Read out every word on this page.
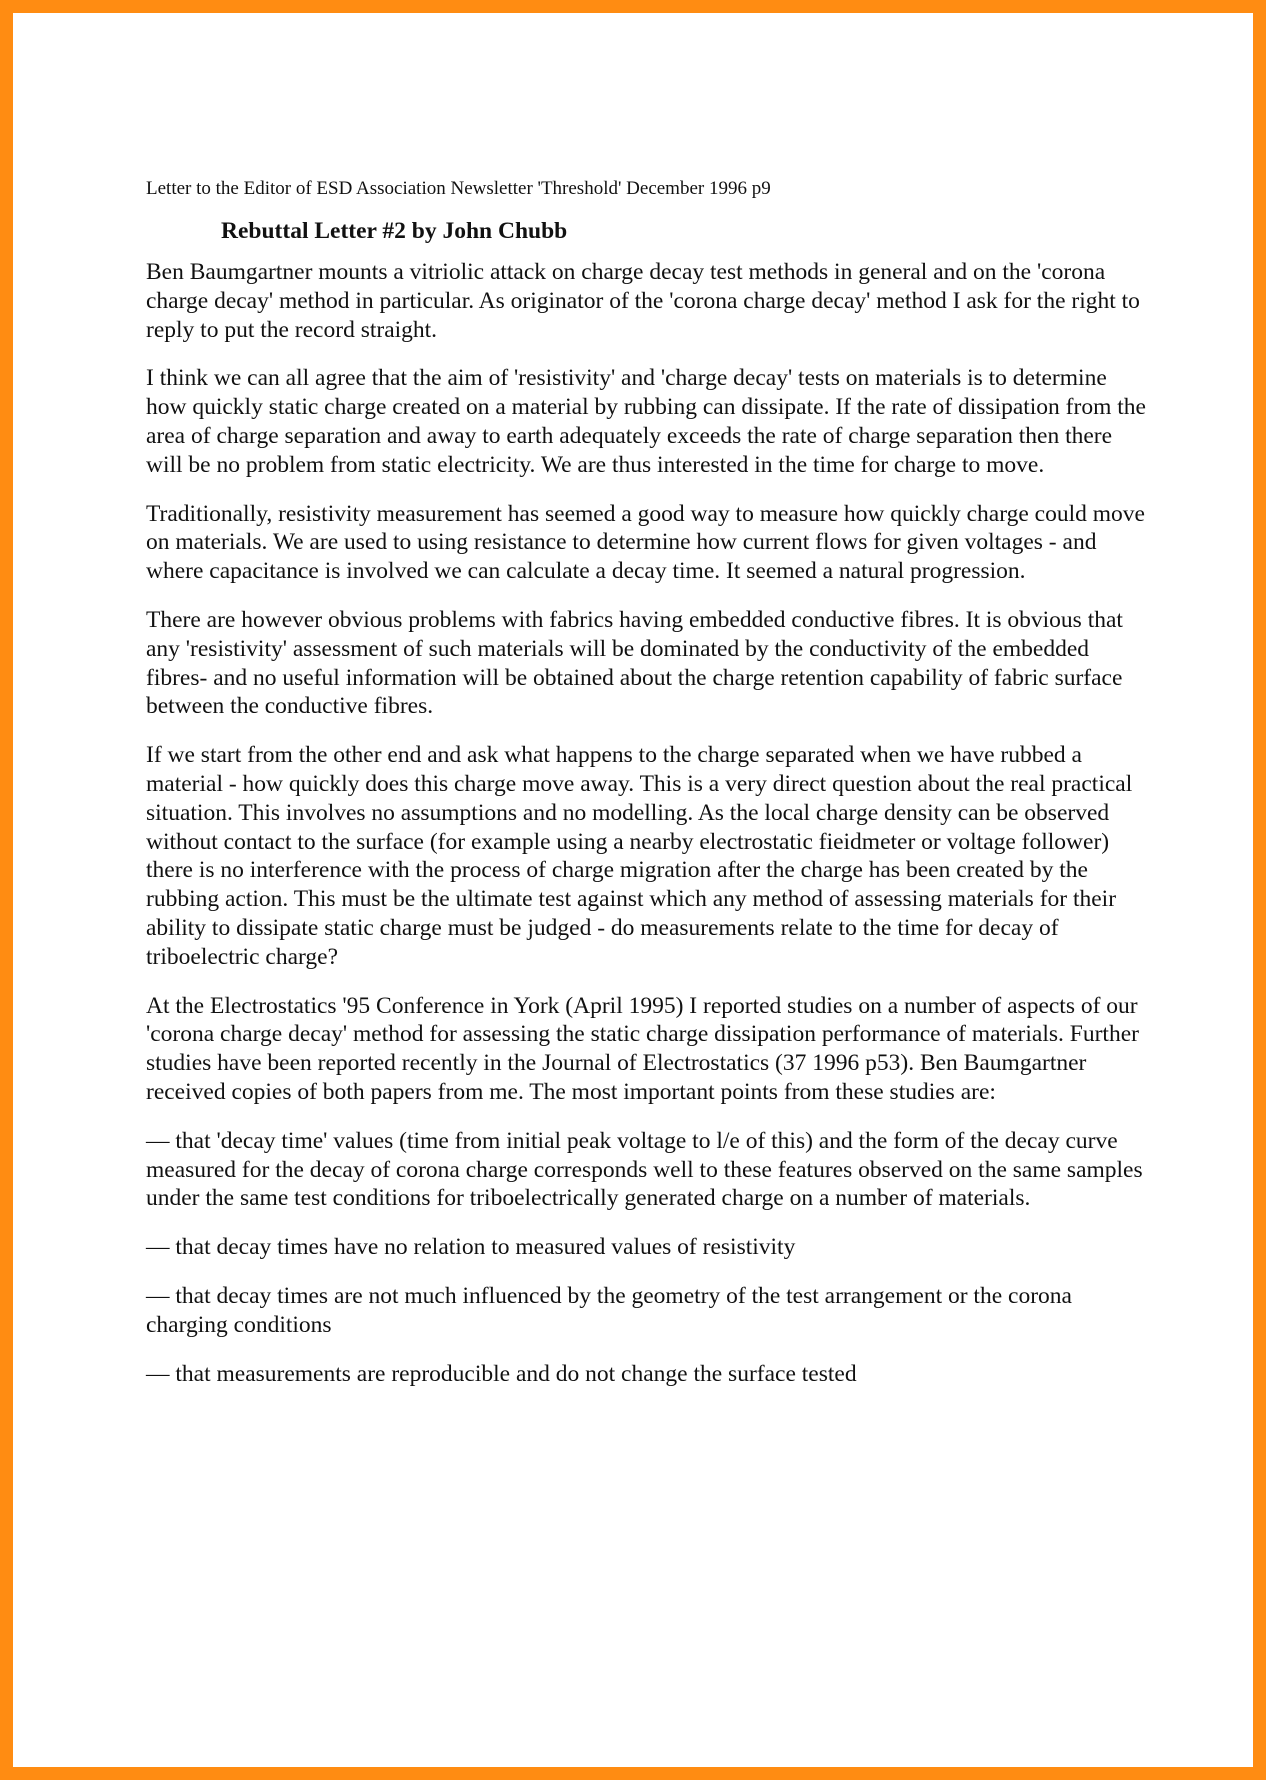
Letter to the Editor of ESD Association Newsletter 'Threshold' December 1996 p9

Rebuttal Letter #2 by John Chubb

Ben Baumgartner mounts a vitriolic attack on charge decay test methods in general and on the 'corona charge decay' method in particular. As originator of the 'corona charge decay' method I ask for the right to reply to put the record straight.

I think we can all agree that the aim of 'resistivity' and 'charge decay' tests on materials is to determine how quickly static charge created on a material by rubbing can dissipate. If the rate of dissipation from the area of charge separation and away to earth adequately exceeds the rate of charge separation then there will be no problem from static electricity. We are thus interested in the time for charge to move.

Traditionally, resistivity measurement has seemed a good way to measure how quickly charge could move on materials. We are used to using resistance to determine how current flows for given voltages - and where capacitance is involved we can calculate a decay time. It seemed a natural progression.

There are however obvious problems with fabrics having embedded conductive fibres. It is obvious that any 'resistivity' assessment of such materials will be dominated by the conductivity of the embedded fibres- and no useful information will be obtained about the charge retention capability of fabric surface between the conductive fibres.

If we start from the other end and ask what happens to the charge separated when we have rubbed a material - how quickly does this charge move away. This is a very direct question about the real practical situation. This involves no assumptions and no modelling. As the local charge density can be observed without contact to the surface (for example using a nearby electrostatic fieidmeter or voltage follower) there is no interference with the process of charge migration after the charge has been created by the rubbing action. This must be the ultimate test against which any method of assessing materials for their ability to dissipate static charge must be judged - do measurements relate to the time for decay of triboelectric charge?

At the Electrostatics '95 Conference in York (April 1995) I reported studies on a number of aspects of our 'corona charge decay' method for assessing the static charge dissipation performance of materials. Further studies have been reported recently in the Journal of Electrostatics (37 1996 p53). Ben Baumgartner received copies of both papers from me. The most important points from these studies are:

— that 'decay time' values (time from initial peak voltage to l/e of this) and the form of the decay curve measured for the decay of corona charge corresponds well to these features observed on the same samples under the same test conditions for triboelectrically generated charge on a number of materials.

— that decay times have no relation to measured values of resistivity

— that decay times are not much influenced by the geometry of the test arrangement or the corona charging conditions

— that measurements are reproducible and do not change the surface tested
